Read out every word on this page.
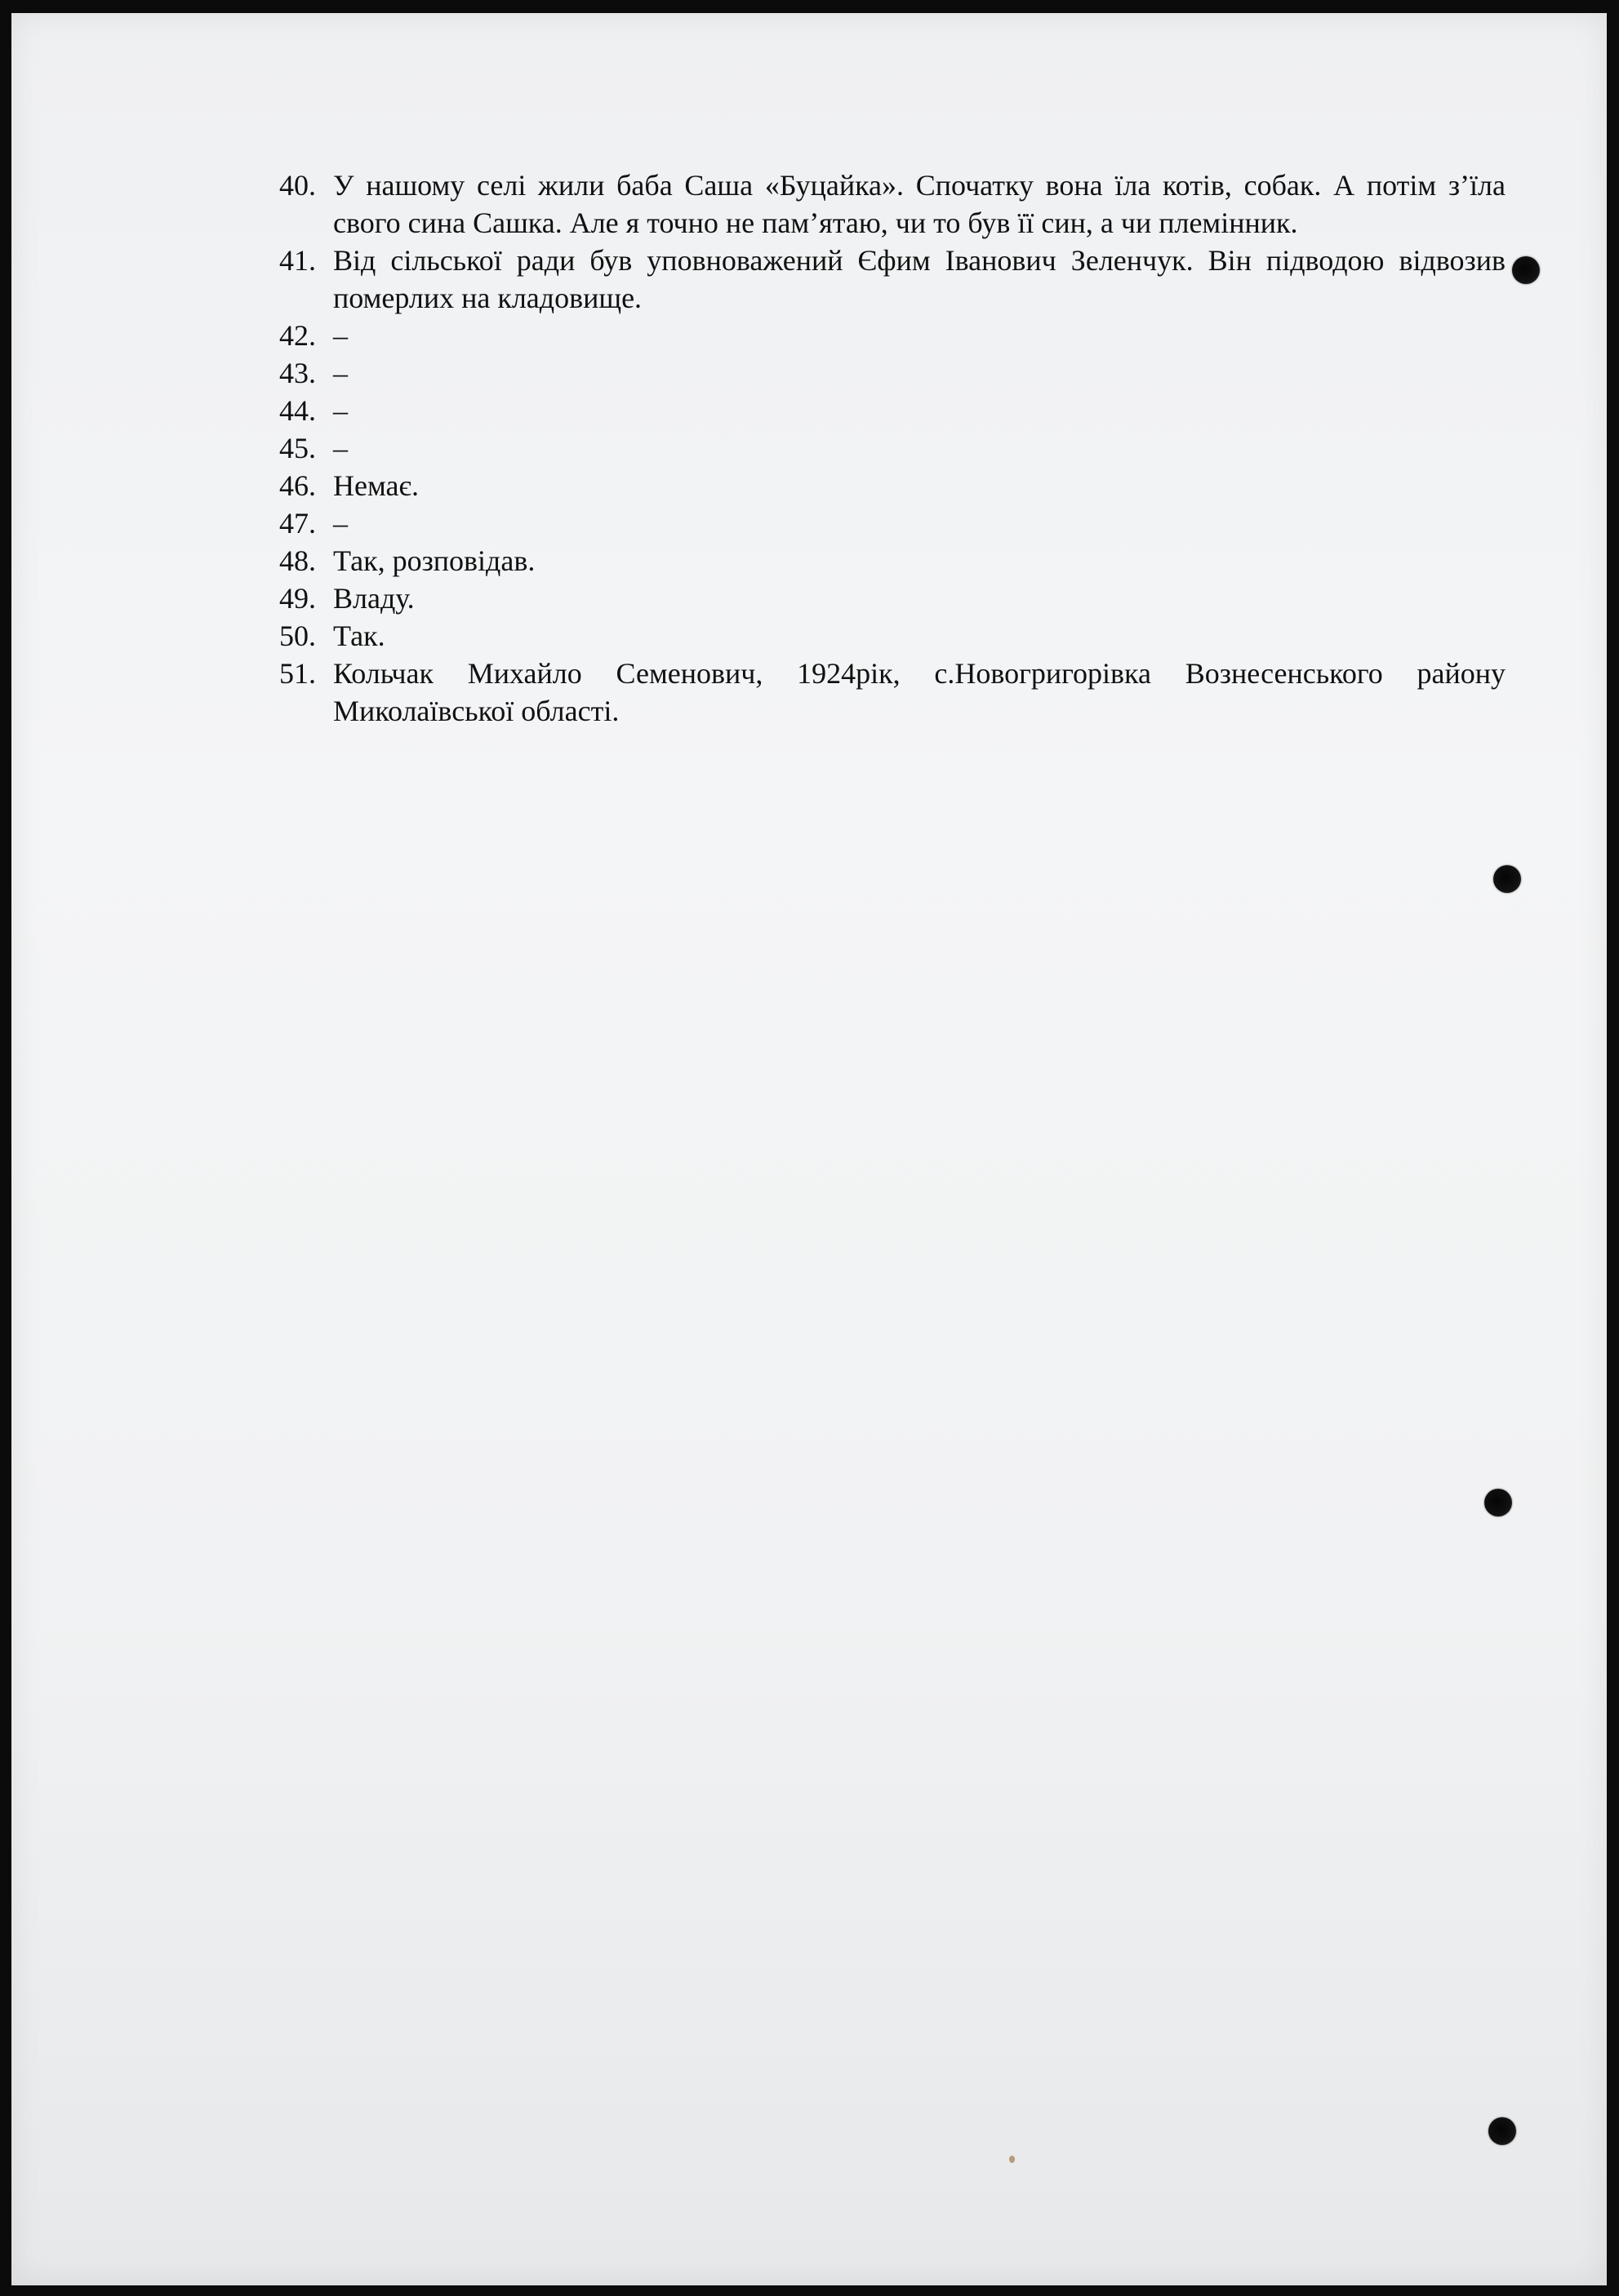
40. У нашому селі жили баба Саша «Буцайка». Спочатку вона їла котів, собак. А потім з’їла свого сина Сашка. Але я точно не пам’ятаю, чи то був її син, а чи племінник.
41. Від сільської ради був уповноважений Єфим Іванович Зеленчук. Він підводою відвозив померлих на кладовище.
42. –
43. –
44. –
45. –
46. Немає.
47. –
48. Так, розповідав.
49. Владу.
50. Так.
51. Кольчак Михайло Семенович, 1924рік, с.Новогригорівка Вознесенського району Миколаївської області.
